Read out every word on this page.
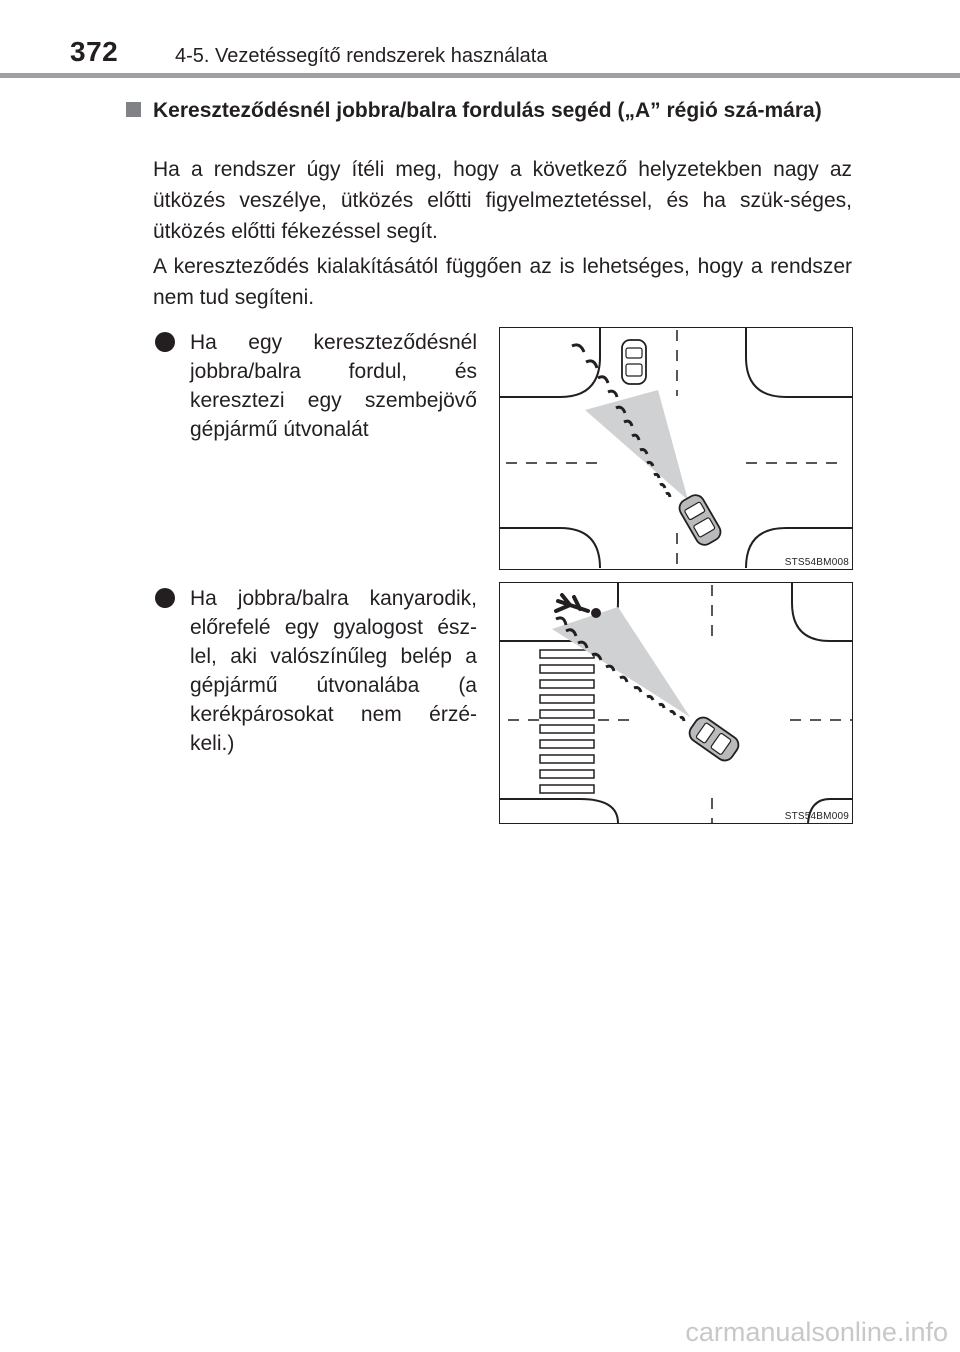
372	4-5. Vezetéssegítő rendszerek használata
Kereszteződésnél jobbra/balra fordulás segéd („A” régió szá-mára)
Ha a rendszer úgy ítéli meg, hogy a következő helyzetekben nagy az ütközés veszélye, ütközés előtti figyelmeztetéssel, és ha szük-séges, ütközés előtti fékezéssel segít.
A kereszteződés kialakításától függően az is lehetséges, hogy a rendszer nem tud segíteni.
Ha egy kereszteződésnél jobbra/balra fordul, és keresztezi egy szembejövő gépjármű útvonalát
Ha jobbra/balra kanyarodik, előrefelé egy gyalogost ész-lel, aki valószínűleg belép a gépjármű útvonalába (a kerékpárosokat nem érzé-keli.)
STS54BM008
STS54BM009
carmanualsonline.info
